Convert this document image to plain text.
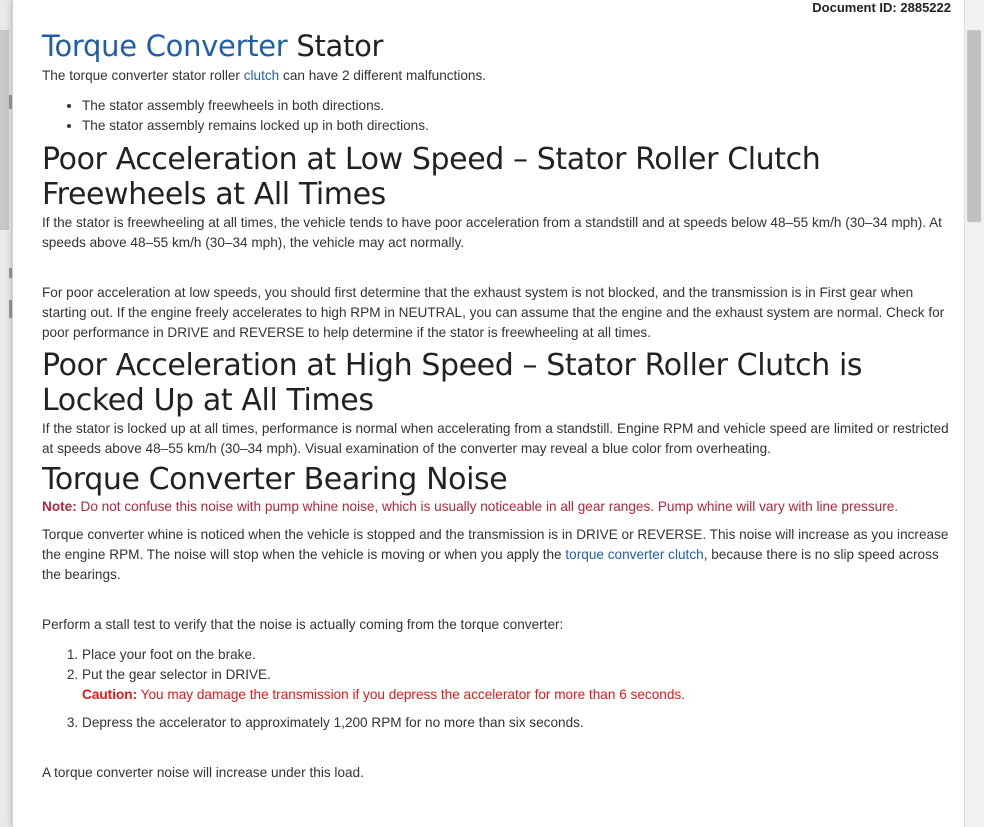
Document ID: 2885222
Torque Converter Stator

The torque converter stator roller clutch can have 2 different malfunctions.

• The stator assembly freewheels in both directions.
• The stator assembly remains locked up in both directions.
Poor Acceleration at Low Speed – Stator Roller Clutch Freewheels at All Times

If the stator is freewheeling at all times, the vehicle tends to have poor acceleration from a standstill and at speeds below 48–55 km/h (30–34 mph). At speeds above 48–55 km/h (30–34 mph), the vehicle may act normally.

For poor acceleration at low speeds, you should first determine that the exhaust system is not blocked, and the transmission is in First gear when starting out. If the engine freely accelerates to high RPM in NEUTRAL, you can assume that the engine and the exhaust system are normal. Check for poor performance in DRIVE and REVERSE to help determine if the stator is freewheeling at all times.

Poor Acceleration at High Speed – Stator Roller Clutch is Locked Up at All Times

If the stator is locked up at all times, performance is normal when accelerating from a standstill. Engine RPM and vehicle speed are limited or restricted at speeds above 48–55 km/h (30–34 mph). Visual examination of the converter may reveal a blue color from overheating.

Torque Converter Bearing Noise

Note: Do not confuse this noise with pump whine noise, which is usually noticeable in all gear ranges. Pump whine will vary with line pressure.

Torque converter whine is noticed when the vehicle is stopped and the transmission is in DRIVE or REVERSE. This noise will increase as you increase the engine RPM. The noise will stop when the vehicle is moving or when you apply the torque converter clutch, because there is no slip speed across the bearings.

Perform a stall test to verify that the noise is actually coming from the torque converter:

1. Place your foot on the brake.
2. Put the gear selector in DRIVE.
Caution: You may damage the transmission if you depress the accelerator for more than 6 seconds.
3. Depress the accelerator to approximately 1,200 RPM for no more than six seconds.

A torque converter noise will increase under this load.
